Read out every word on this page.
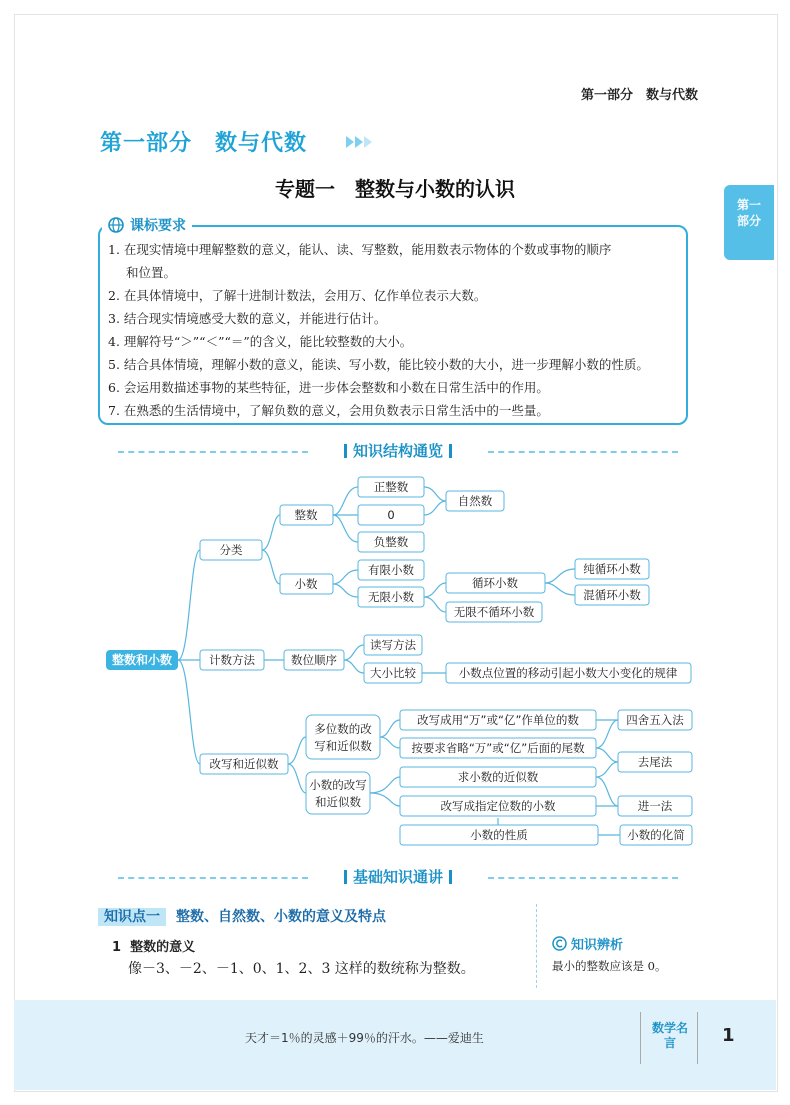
第一部分　数与代数
第一部分　数与代数
专题一　整数与小数的认识
第一
部分
课标要求
1. 在现实情境中理解整数的意义，能认、读、写整数，能用数表示物体的个数或事物的顺序
和位置。
2. 在具体情境中，了解十进制计数法，会用万、亿作单位表示大数。
3. 结合现实情境感受大数的意义，并能进行估计。
4. 理解符号“＞”“＜”“＝”的含义，能比较整数的大小。
5. 结合具体情境，理解小数的意义，能读、写小数，能比较小数的大小，进一步理解小数的性质。
6. 会运用数描述事物的某些特征，进一步体会整数和小数在日常生活中的作用。
7. 在熟悉的生活情境中，了解负数的意义，会用负数表示日常生活中的一些量。
知识结构通览
整数和小数
分类
整数
正整数
0
负整数
自然数
小数
有限小数
无限小数
循环小数
无限不循环小数
纯循环小数
混循环小数
计数方法	数位顺序
读写方法
大小比较	小数点位置的移动引起小数大小变化的规律
改写和近似数
多位数的改
写和近似数
小数的改写
和近似数
改写成用“万”或“亿”作单位的数
按要求省略“万”或“亿”后面的尾数
求小数的近似数
改写成指定位数的小数
小数的性质
四舍五入法
去尾法
进一法
小数的化简
基础知识通讲
知识点一 整数、自然数、小数的意义及特点
1 整数的意义
像－3、－2、－1、0、1、2、3 这样的数统称为整数。
知识辨析
最小的整数应该是 0。
天才＝1％的灵感＋99％的汗水。——爱迪生
数学名言	1
